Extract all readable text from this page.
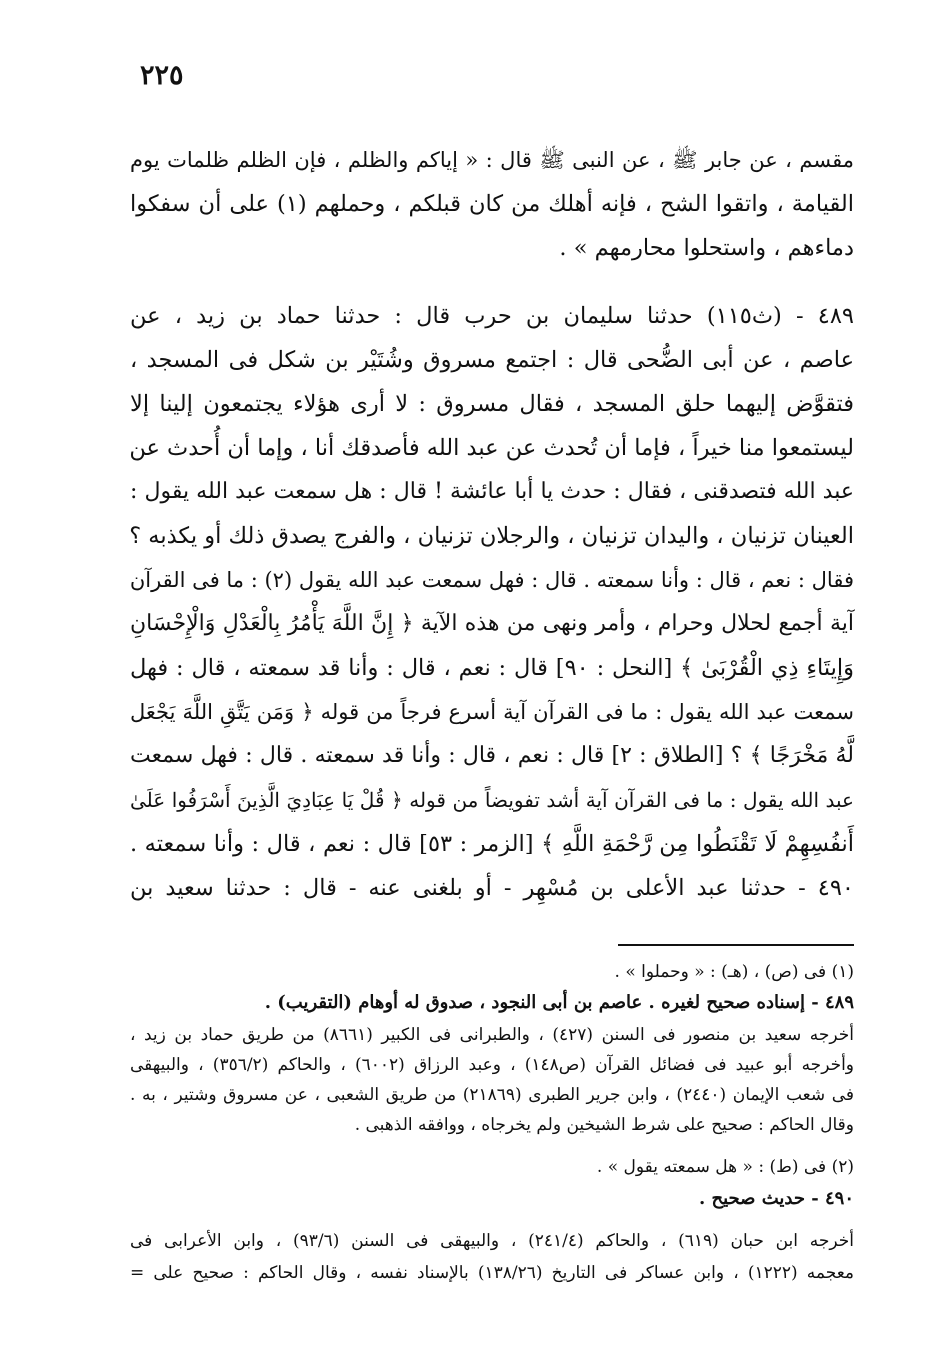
٢٢٥
مقسم ، عن جابر ﷺ ، عن النبى ﷺ قال : « إياكم والظلم ، فإن الظلم ظلمات يوم
القيامة ، واتقوا الشح ، فإنه أهلك من كان قبلكم ، وحملهم (١) على أن سفكوا
دماءهم ، واستحلوا محارمهم » .
٤٨٩ - (ث١١٥) حدثنا سليمان بن حرب قال : حدثنا حماد بن زيد ، عن
عاصم ، عن أبى الضُّحى قال : اجتمع مسروق وشُتَيْر بن شكل فى المسجد ،
فتقوَّض إليهما حلق المسجد ، فقال مسروق : لا أرى هؤلاء يجتمعون إلينا إلا
ليستمعوا منا خيراً ، فإما أن تُحدث عن عبد الله فأصدقك أنا ، وإما أن أُحدث عن
عبد الله فتصدقنى ، فقال : حدث يا أبا عائشة ! قال : هل سمعت عبد الله يقول :
العينان تزنيان ، واليدان تزنيان ، والرجلان تزنيان ، والفرج يصدق ذلك أو يكذبه ؟
فقال : نعم ، قال : وأنا سمعته . قال : فهل سمعت عبد الله يقول (٢) : ما فى القرآن
آية أجمع لحلال وحرام ، وأمر ونهى من هذه الآية ﴿ إِنَّ اللَّهَ يَأْمُرُ بِالْعَدْلِ وَالْإِحْسَانِ
وَإِيتَاءِ ذِي الْقُرْبَىٰ ﴾ [النحل : ٩٠] قال : نعم ، قال : وأنا قد سمعته ، قال : فهل
سمعت عبد الله يقول : ما فى القرآن آية أسرع فرجاً من قوله ﴿ وَمَن يَتَّقِ اللَّهَ يَجْعَل
لَّهُ مَخْرَجًا ﴾ ؟ [الطلاق : ٢] قال : نعم ، قال : وأنا قد سمعته . قال : فهل سمعت
عبد الله يقول : ما فى القرآن آية أشد تفويضاً من قوله ﴿ قُلْ يَا عِبَادِيَ الَّذِينَ أَسْرَفُوا عَلَىٰ
أَنفُسِهِمْ لَا تَقْنَطُوا مِن رَّحْمَةِ اللَّهِ ﴾ [الزمر : ٥٣] قال : نعم ، قال : وأنا سمعته .
٤٩٠ - حدثنا عبد الأعلى بن مُسْهِر - أو بلغنى عنه - قال : حدثنا سعيد بن
(١) فى (ص) ، (هـ) : « وحملوا » .
٤٨٩ - إسناده صحيح لغيره . عاصم بن أبى النجود ، صدوق له أوهام (التقريب) .
أخرجه سعيد بن منصور فى السنن (٤٢٧) ، والطبرانى فى الكبير (٨٦٦١) من طريق حماد بن زيد ،
وأخرجه أبو عبيد فى فضائل القرآن (ص١٤٨) ، وعبد الرزاق (٦٠٠٢) ، والحاكم (٣٥٦/٢) ، والبيهقى
فى شعب الإيمان (٢٤٤٠) ، وابن جرير الطبرى (٢١٨٦٩) من طريق الشعبى ، عن مسروق وشتير ، به .
وقال الحاكم : صحيح على شرط الشيخين ولم يخرجاه ، ووافقه الذهبى .
(٢) فى (ط) : « هل سمعته يقول » .
٤٩٠ - حديث صحيح .
أخرجه ابن حبان (٦١٩) ، والحاكم (٢٤١/٤) ، والبيهقى فى السنن (٩٣/٦) ، وابن الأعرابى فى
معجمه (١٢٢٢) ، وابن عساكر فى التاريخ (١٣٨/٢٦) بالإسناد نفسه ، وقال الحاكم : صحيح على =
